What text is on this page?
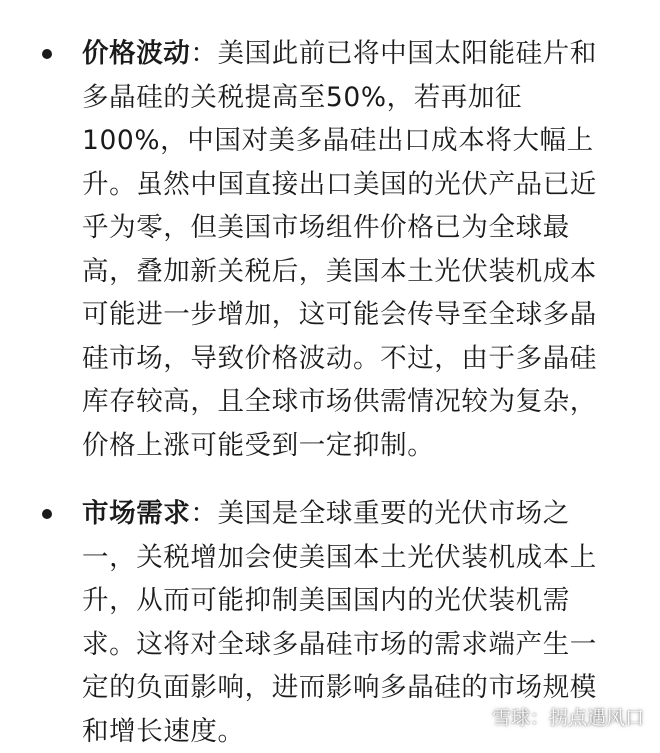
价格波动：美国此前已将中国太阳能硅片和多晶硅的关税提高至50%，若再加征100%，中国对美多晶硅出口成本将大幅上升。虽然中国直接出口美国的光伏产品已近乎为零，但美国市场组件价格已为全球最高，叠加新关税后，美国本土光伏装机成本可能进一步增加，这可能会传导至全球多晶硅市场，导致价格波动。不过，由于多晶硅库存较高，且全球市场供需情况较为复杂，价格上涨可能受到一定抑制。
市场需求：美国是全球重要的光伏市场之一，关税增加会使美国本土光伏装机成本上升，从而可能抑制美国国内的光伏装机需求。这将对全球多晶硅市场的需求端产生一定的负面影响，进而影响多晶硅的市场规模和增长速度。	雪球：拐点遇风口
